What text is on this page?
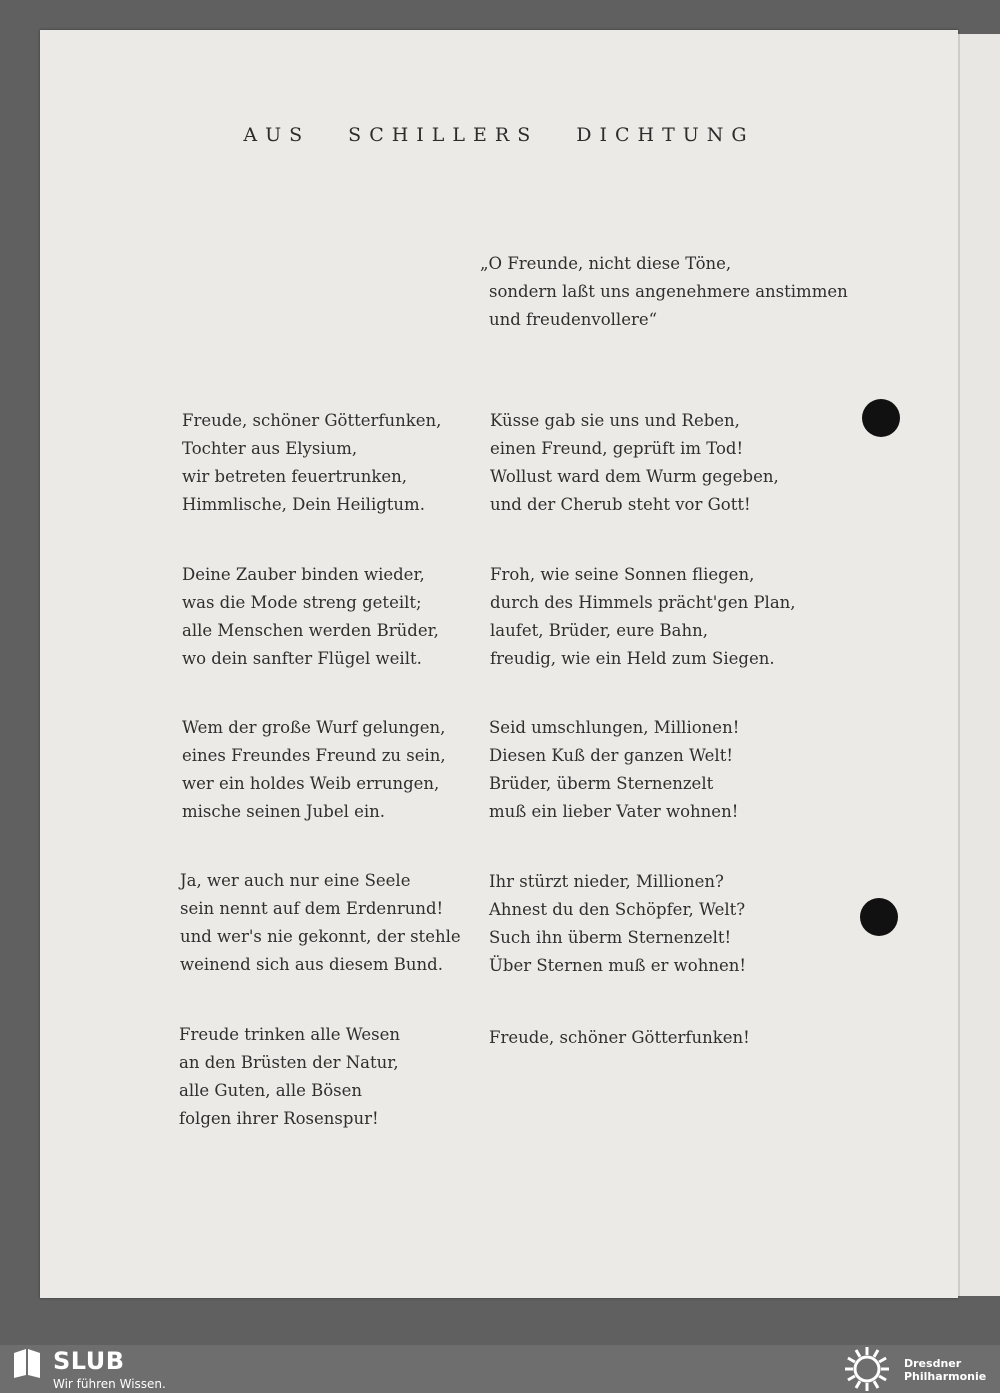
AUS SCHILLERS DICHTUNG
„O Freunde, nicht diese Töne,
sondern laßt uns angenehmere anstimmen
und freudenvollere“
Freude, schöner Götterfunken,
Tochter aus Elysium,
wir betreten feuertrunken,
Himmlische, Dein Heiligtum.
Deine Zauber binden wieder,
was die Mode streng geteilt;
alle Menschen werden Brüder,
wo dein sanfter Flügel weilt.
Wem der große Wurf gelungen,
eines Freundes Freund zu sein,
wer ein holdes Weib errungen,
mische seinen Jubel ein.
Ja, wer auch nur eine Seele
sein nennt auf dem Erdenrund!
und wer's nie gekonnt, der stehle
weinend sich aus diesem Bund.
Freude trinken alle Wesen
an den Brüsten der Natur,
alle Guten, alle Bösen
folgen ihrer Rosenspur!
Küsse gab sie uns und Reben,
einen Freund, geprüft im Tod!
Wollust ward dem Wurm gegeben,
und der Cherub steht vor Gott!
Froh, wie seine Sonnen fliegen,
durch des Himmels prächt'gen Plan,
laufet, Brüder, eure Bahn,
freudig, wie ein Held zum Siegen.
Seid umschlungen, Millionen!
Diesen Kuß der ganzen Welt!
Brüder, überm Sternenzelt
muß ein lieber Vater wohnen!
Ihr stürzt nieder, Millionen?
Ahnest du den Schöpfer, Welt?
Such ihn überm Sternenzelt!
Über Sternen muß er wohnen!
Freude, schöner Götterfunken!
SLUB
Wir führen Wissen.
Dresdner
Philharmonie
